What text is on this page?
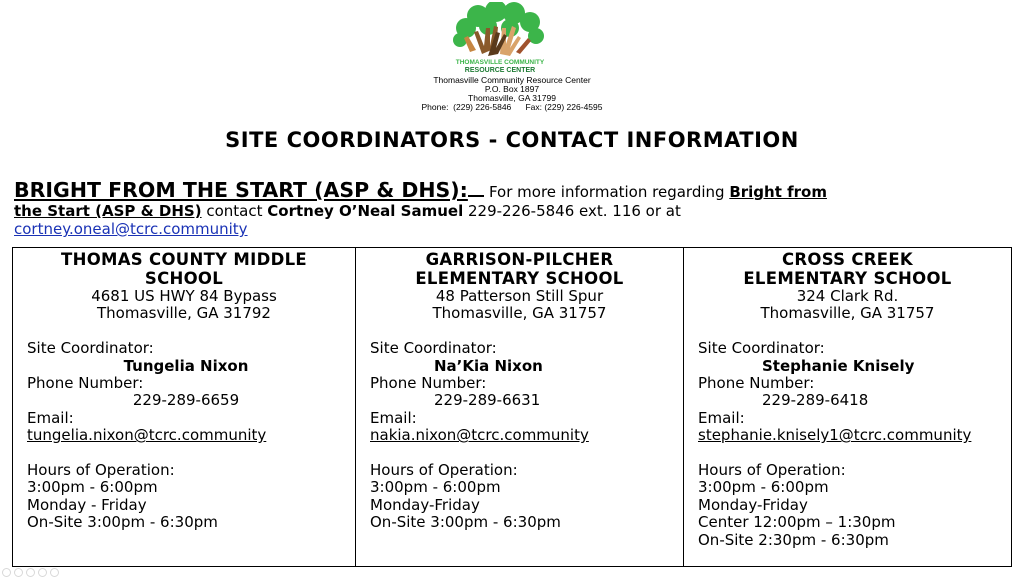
THOMASVILLE COMMUNITY
RESOURCE CENTER
Thomasville Community Resource Center
P.O. Box 1897
Thomasville, GA 31799
Phone:  (229) 226-5846      Fax: (229) 226-4595
SITE COORDINATORS - CONTACT INFORMATION
BRIGHT FROM THE START (ASP & DHS): For more information regarding Bright from
the Start (ASP & DHS) contact Cortney O’Neal Samuel 229-226-5846 ext. 116 or at
cortney.oneal@tcrc.community
THOMAS COUNTY MIDDLE
SCHOOL
4681 US HWY 84 Bypass
Thomasville, GA 31792
Site Coordinator:
Tungelia Nixon
Phone Number:
229-289-6659
Email:
tungelia.nixon@tcrc.community
Hours of Operation:
3:00pm - 6:00pm
Monday - Friday
On-Site 3:00pm - 6:30pm
GARRISON-PILCHER
ELEMENTARY SCHOOL
48 Patterson Still Spur
Thomasville, GA 31757
Site Coordinator:
Na’Kia Nixon
Phone Number:
229-289-6631
Email:
nakia.nixon@tcrc.community
Hours of Operation:
3:00pm - 6:00pm
Monday-Friday
On-Site 3:00pm - 6:30pm
CROSS CREEK
ELEMENTARY SCHOOL
324 Clark Rd.
Thomasville, GA 31757
Site Coordinator:
Stephanie Knisely
Phone Number:
229-289-6418
Email:
stephanie.knisely1@tcrc.community
Hours of Operation:
3:00pm - 6:00pm
Monday-Friday
Center 12:00pm – 1:30pm
On-Site 2:30pm - 6:30pm
